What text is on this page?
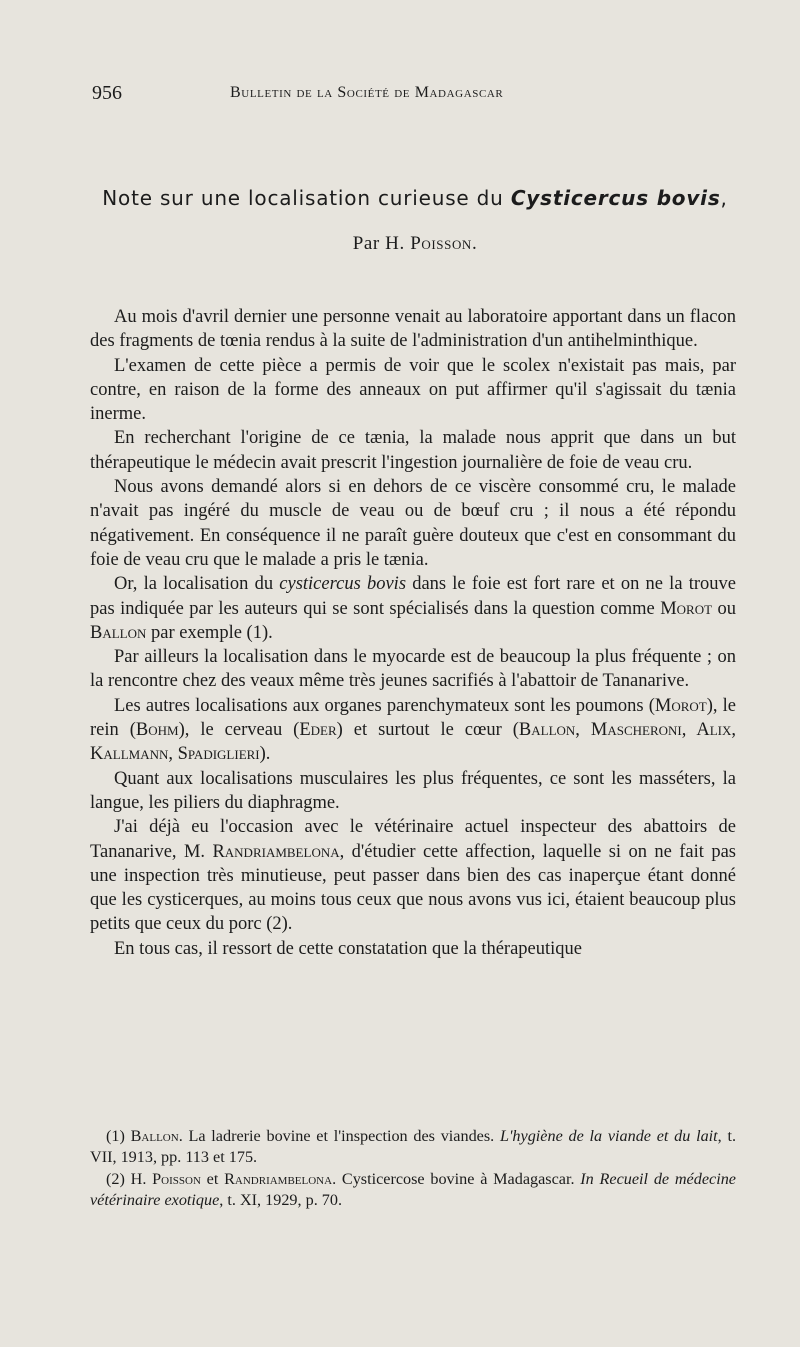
956	Bulletin de la Société de Madagascar
Note sur une localisation curieuse du Cysticercus bovis,
Par H. Poisson.

Au mois d'avril dernier une personne venait au laboratoire apportant dans un flacon des fragments de tœnia rendus à la suite de l'administration d'un antihelminthique.

L'examen de cette pièce a permis de voir que le scolex n'existait pas mais, par contre, en raison de la forme des anneaux on put affirmer qu'il s'agissait du tænia inerme.

En recherchant l'origine de ce tænia, la malade nous apprit que dans un but thérapeutique le médecin avait prescrit l'ingestion journalière de foie de veau cru.

Nous avons demandé alors si en dehors de ce viscère consommé cru, le malade n'avait pas ingéré du muscle de veau ou de bœuf cru ; il nous a été répondu négativement. En conséquence il ne paraît guère douteux que c'est en consommant du foie de veau cru que le malade a pris le tænia.

Or, la localisation du cysticercus bovis dans le foie est fort rare et on ne la trouve pas indiquée par les auteurs qui se sont spécialisés dans la question comme Morot ou Ballon par exemple (1).

Par ailleurs la localisation dans le myocarde est de beaucoup la plus fréquente ; on la rencontre chez des veaux même très jeunes sacrifiés à l'abattoir de Tananarive.

Les autres localisations aux organes parenchymateux sont les poumons (Morot), le rein (Bohm), le cerveau (Eder) et surtout le cœur (Ballon, Mascheroni, Alix, Kallmann, Spadiglieri).

Quant aux localisations musculaires les plus fréquentes, ce sont les masséters, la langue, les piliers du diaphragme.

J'ai déjà eu l'occasion avec le vétérinaire actuel inspecteur des abattoirs de Tananarive, M. Randriambelona, d'étudier cette affection, laquelle si on ne fait pas une inspection très minutieuse, peut passer dans bien des cas inaperçue étant donné que les cysticerques, au moins tous ceux que nous avons vus ici, étaient beaucoup plus petits que ceux du porc (2).

En tous cas, il ressort de cette constatation que la thérapeutique

(1) Ballon. La ladrerie bovine et l'inspection des viandes. L'hygiène de la viande et du lait, t. VII, 1913, pp. 113 et 175.

(2) H. Poisson et Randriambelona. Cysticercose bovine à Madagascar. In Recueil de médecine vétérinaire exotique, t. XI, 1929, p. 70.
